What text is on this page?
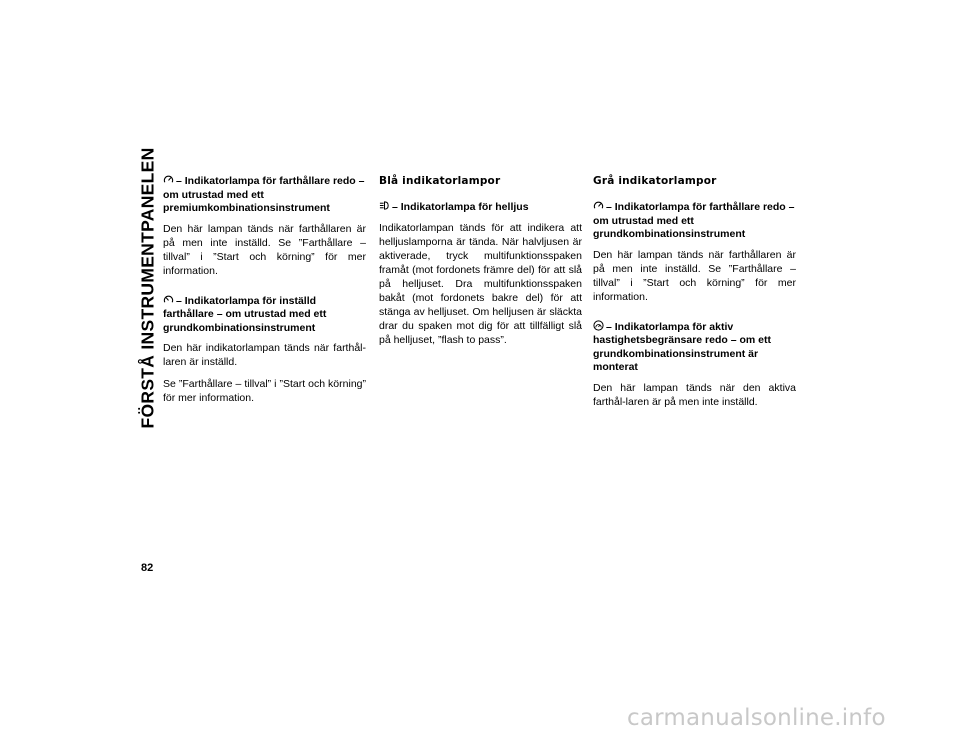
FÖRSTÅ INSTRUMENTPANELEN
82
– Indikatorlampa för farthållare redo – om utrustad med ett premiumkombinationsinstrument

Den här lampan tänds när farthållaren är på men inte inställd. Se ”Farthållare – tillval” i ”Start och körning” för mer information.

– Indikatorlampa för inställd farthållare – om utrustad med ett grundkombinationsinstrument

Den här indikatorlampan tänds när farthål-laren är inställd.

Se ”Farthållare – tillval” i ”Start och körning” för mer information.

Blå indikatorlampor
– Indikatorlampa för helljus

Indikatorlampan tänds för att indikera att helljuslamporna är tända. När halvljusen är aktiverade, tryck multifunktionsspaken framåt (mot fordonets främre del) för att slå på helljuset. Dra multifunktionsspaken bakåt (mot fordonets bakre del) för att stänga av helljuset. Om helljusen är släckta drar du spaken mot dig för att tillfälligt slå på helljuset, ”flash to pass”.

Grå indikatorlampor
– Indikatorlampa för farthållare redo – om utrustad med ett grundkombinationsinstrument

Den här lampan tänds när farthållaren är på men inte inställd. Se ”Farthållare – tillval” i ”Start och körning” för mer information.

– Indikatorlampa för aktiv hastighetsbegränsare redo – om ett grundkombinationsinstrument är monterat

Den här lampan tänds när den aktiva farthål-laren är på men inte inställd.

carmanualsonline.info
